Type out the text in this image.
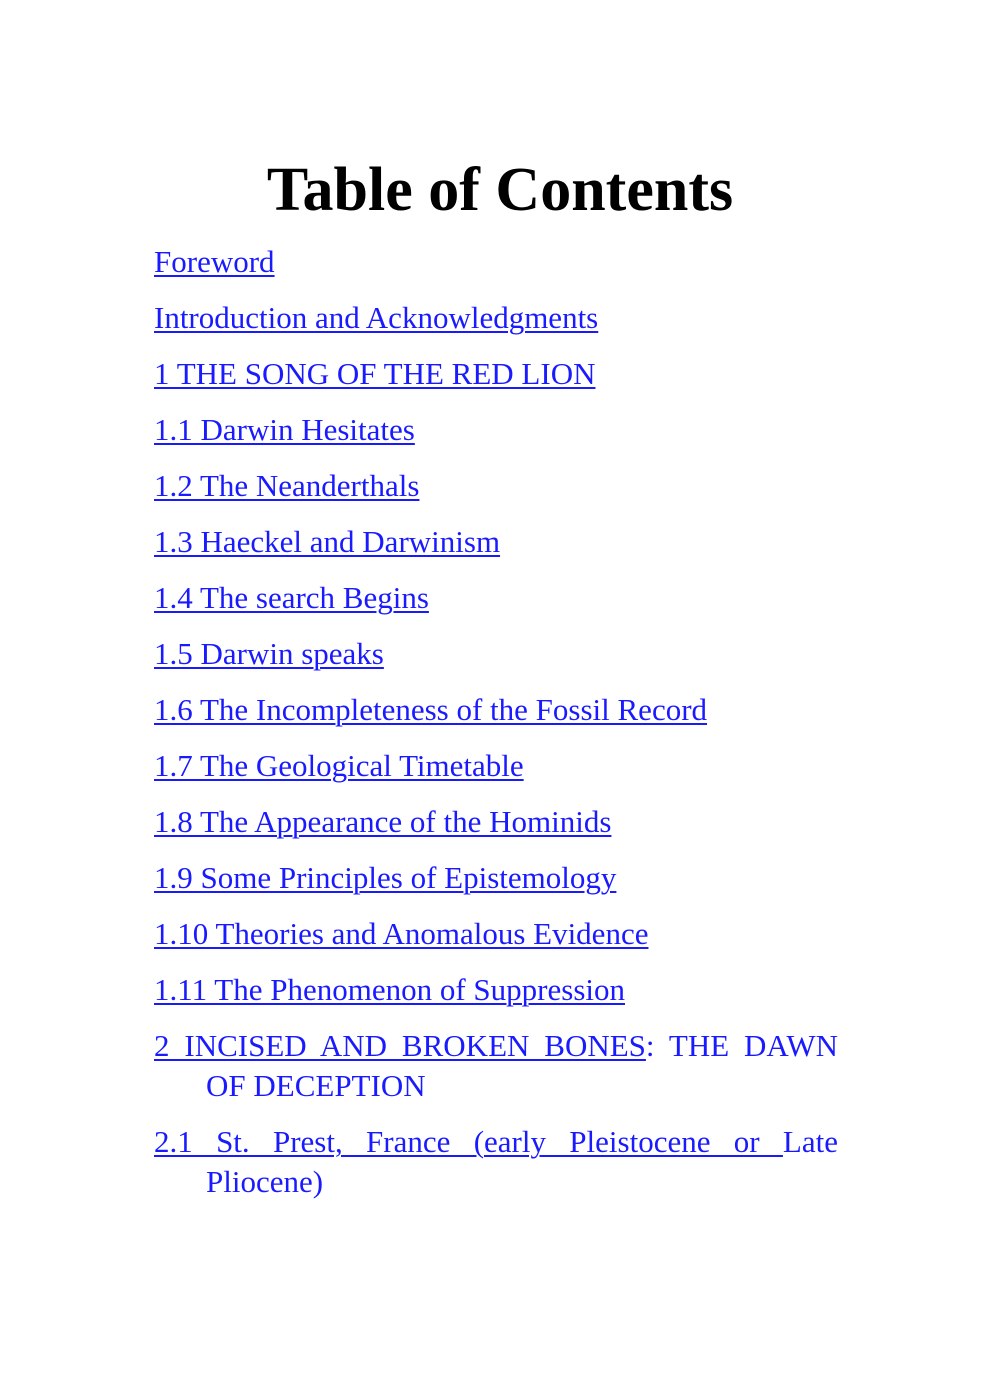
Table of Contents
Foreword
Introduction and Acknowledgments
1 THE SONG OF THE RED LION
1.1 Darwin Hesitates
1.2 The Neanderthals
1.3 Haeckel and Darwinism
1.4 The search Begins
1.5 Darwin speaks
1.6 The Incompleteness of the Fossil Record
1.7 The Geological Timetable
1.8 The Appearance of the Hominids
1.9 Some Principles of Epistemology
1.10 Theories and Anomalous Evidence
1.11 The Phenomenon of Suppression
2 INCISED AND BROKEN BONES: THE DAWN OF DECEPTION
2.1 St. Prest, France (early Pleistocene or Late Pliocene)
